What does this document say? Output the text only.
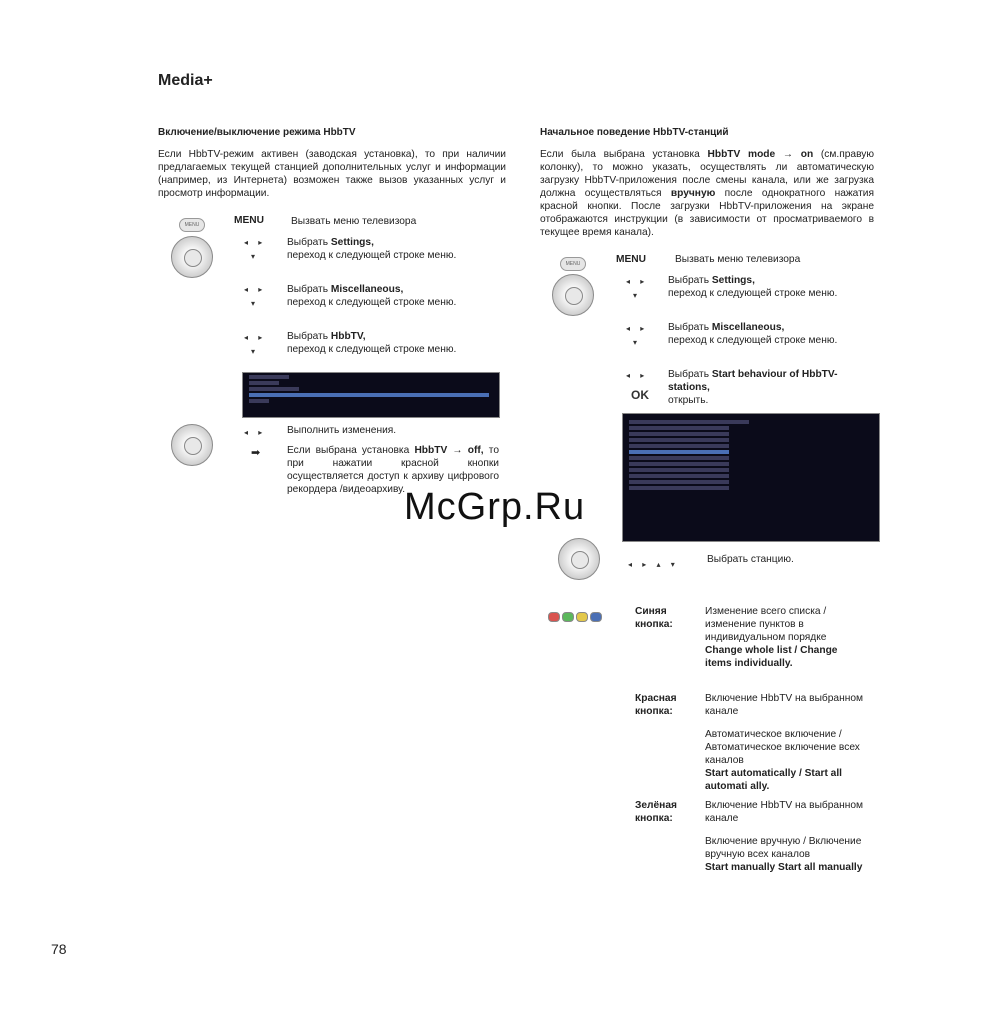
Media+
Включение/выключение режима HbbTV
Если HbbTV-режим активен (заводская установка), то при наличии предлагаемых текущей станцией дополнительных услуг и информации (например, из Интернета) возможен также вызов указанных услуг и просмотр информации.
MENU	MENU	Вызвать меню телевизора
◂ ▸
▾
Выбрать Settings,

переход к следующей строке меню.
◂ ▸
▾
Выбрать Miscellaneous,

переход к следующей строке меню.
◂ ▸
▾
Выбрать HbbTV,

переход к следующей строке меню.
◂ ▸ Выполнить изменения.
➡	Если выбрана установка HbbTV → off, то при нажатии красной кнопки осуществляется доступ к архиву цифрового рекордера /видеоархиву.
Начальное поведение HbbTV-станций
Если была выбрана установка HbbTV mode → on (см.правую колонку), то можно указать, осуществлять ли автоматическую загрузку HbbTV-приложения после смены канала, или же загрузка должна осуществляться вручную после однократного нажатия красной кнопки. После загрузки HbbTV-приложения на экране отображаются инструкции (в зависимости от просматриваемого в текущее время канала).
MENU	MENU	Вызвать меню телевизора
◂ ▸
▾
Выбрать Settings,

переход к следующей строке меню.
◂ ▸
▾
Выбрать Miscellaneous,

переход к следующей строке меню.
◂ ▸
OK
Выбрать Start behaviour of HbbTV-stations,

открыть.
McGrp.Ru
◂ ▸ ▴ ▾	Выбрать станцию.
Синяя кнопка:
Изменение всего списка / изменение пунктов в индивидуальном порядке
Change whole list / Change items individually.
Красная кнопка:
Включение HbbTV на выбранном канале
Автоматическое включение / Автоматическое включение всех каналов
Start automatically / Start all automati ally.
Зелёная кнопка:
Включение HbbTV на выбранном канале
Включение вручную / Включение вручную всех каналов
Start manually Start all manually
78
